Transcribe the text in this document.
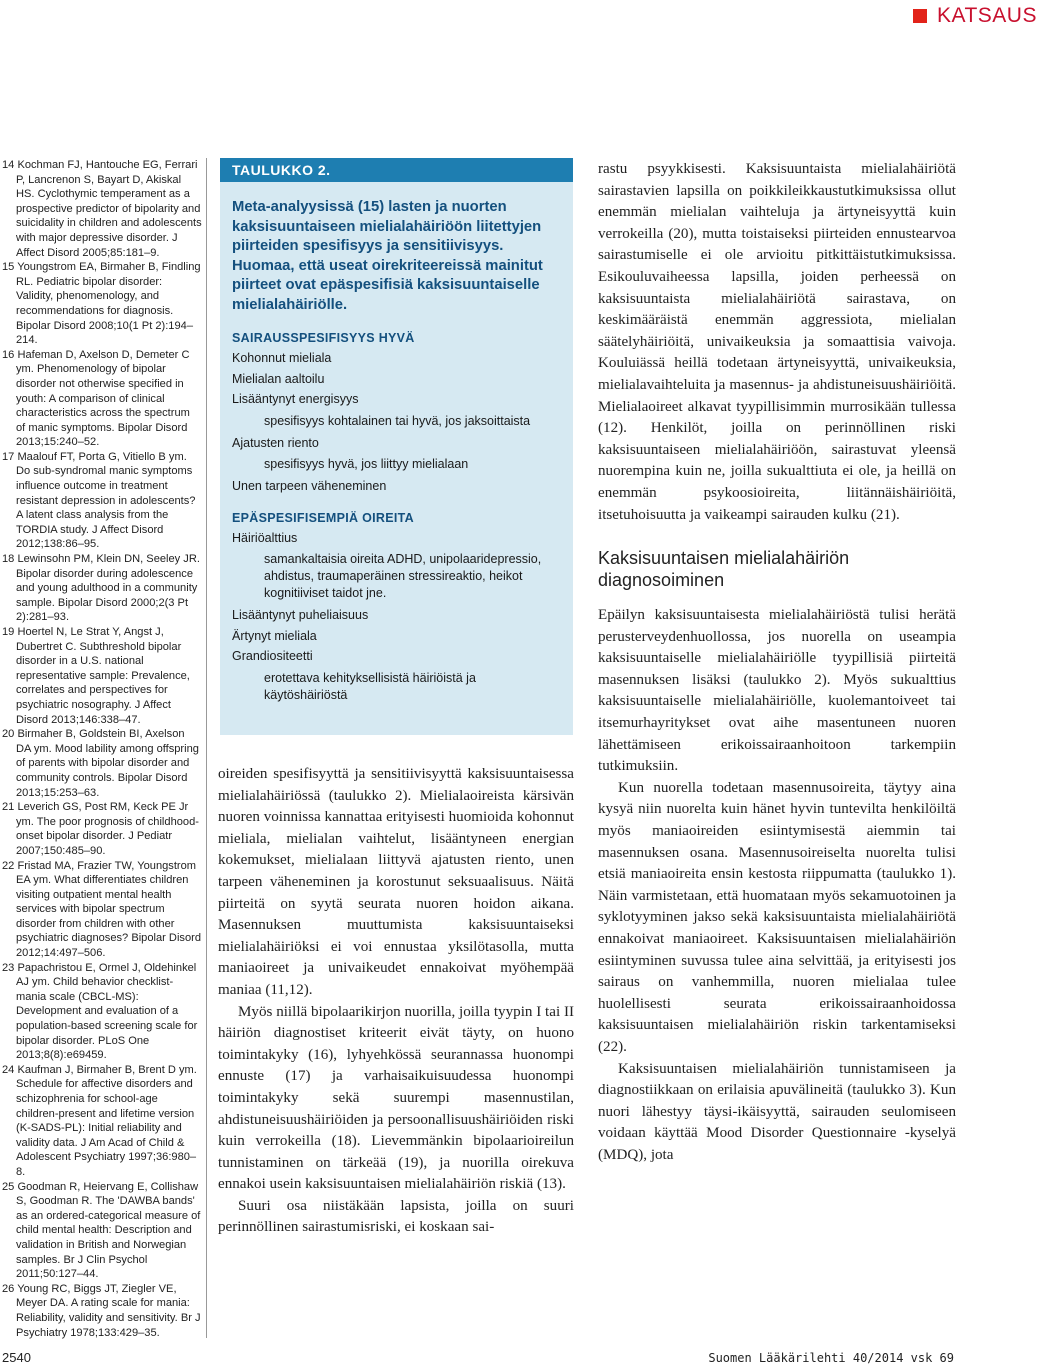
KATSAUS
14 Kochman FJ, Hantouche EG, Ferrari P, Lancrenon S, Bayart D, Akiskal HS. Cyclothymic temperament as a prospective predictor of bipolarity and suicidality in children and adolescents with major depressive disorder. J Affect Disord 2005;85:181–9.
15 Youngstrom EA, Birmaher B, Findling RL. Pediatric bipolar disorder: Validity, phenomenology, and recommendations for diagnosis. Bipolar Disord 2008;10(1 Pt 2):194–214.
16 Hafeman D, Axelson D, Demeter C ym. Phenomenology of bipolar disorder not otherwise specified in youth: A comparison of clinical characteristics across the spectrum of manic symptoms. Bipolar Disord 2013;15:240–52.
17 Maalouf FT, Porta G, Vitiello B ym. Do sub-syndromal manic symptoms influence outcome in treatment resistant depression in adolescents? A latent class analysis from the TORDIA study. J Affect Disord 2012;138:86–95.
18 Lewinsohn PM, Klein DN, Seeley JR. Bipolar disorder during adolescence and young adulthood in a community sample. Bipolar Disord 2000;2(3 Pt 2):281–93.
19 Hoertel N, Le Strat Y, Angst J, Dubertret C. Subthreshold bipolar disorder in a U.S. national representative sample: Prevalence, correlates and perspectives for psychiatric nosography. J Affect Disord 2013;146:338–47.
20 Birmaher B, Goldstein BI, Axelson DA ym. Mood lability among offspring of parents with bipolar disorder and community controls. Bipolar Disord 2013;15:253–63.
21 Leverich GS, Post RM, Keck PE Jr ym. The poor prognosis of childhood-onset bipolar disorder. J Pediatr 2007;150:485–90.
22 Fristad MA, Frazier TW, Youngstrom EA ym. What differentiates children visiting outpatient mental health services with bipolar spectrum disorder from children with other psychiatric diagnoses? Bipolar Disord 2012;14:497–506.
23 Papachristou E, Ormel J, Oldehinkel AJ ym. Child behavior checklist-mania scale (CBCL-MS): Development and evaluation of a population-based screening scale for bipolar disorder. PLoS One 2013;8(8):e69459.
24 Kaufman J, Birmaher B, Brent D ym. Schedule for affective disorders and schizophrenia for school-age children-present and lifetime version (K-SADS-PL): Initial reliability and validity data. J Am Acad of Child & Adolescent Psychiatry 1997;36:980–8.
25 Goodman R, Heiervang E, Collishaw S, Goodman R. The 'DAWBA bands' as an ordered-categorical measure of child mental health: Description and validation in British and Norwegian samples. Br J Clin Psychol 2011;50:127–44.
26 Young RC, Biggs JT, Ziegler VE, Meyer DA. A rating scale for mania: Reliability, validity and sensitivity. Br J Psychiatry 1978;133:429–35.
TAULUKKO 2.
Meta-analyysissä (15) lasten ja nuorten kaksisuuntaiseen mielialahäiriöön liitettyjen piirteiden spesifisyys ja sensitiivisyys.
Huomaa, että useat oirekriteereissä mainitut piirteet ovat epäspesifisiä kaksisuuntaiselle mielialahäiriölle.
SAIRAUSSPESIFISYYS HYVÄ
Kohonnut mieliala
Mielialan aaltoilu
Lisääntynyt energisyys
spesifisyys kohtalainen tai hyvä, jos jaksoittaista
Ajatusten riento
spesifisyys hyvä, jos liittyy mielialaan
Unen tarpeen väheneminen
EPÄSPESIFISEMPIÄ OIREITA
Häiriöalttius
samankaltaisia oireita ADHD, unipolaaridepressio, ahdistus, traumaperäinen stressireaktio, heikot kognitiiviset taidot jne.
Lisääntynyt puheliaisuus
Ärtynyt mieliala
Grandiositeetti
erotettava kehityksellisistä häiriöistä ja käytöshäiriöstä

oireiden spesifisyyttä ja sensitiivisyyttä kaksisuuntaisessa mielialahäiriössä (taulukko 2). Mielialaoireista kärsivän nuoren voinnissa kannattaa erityisesti huomioida kohonnut mieliala, mielialan vaihtelut, lisääntyneen energian kokemukset, mielialaan liittyvä ajatusten riento, unen tarpeen väheneminen ja korostunut seksuaalisuus. Näitä piirteitä on syytä seurata nuoren hoidon aikana. Masennuksen muuttumista kaksisuuntaiseksi mielialahäiriöksi ei voi ennustaa yksilötasolla, mutta maniaoireet ja univaikeudet ennakoivat myöhempää maniaa (11,12).

Myös niillä bipolaarikirjon nuorilla, joilla tyypin I tai II häiriön diagnostiset kriteerit eivät täyty, on huono toimintakyky (16), lyhyehkössä seurannassa huonompi ennuste (17) ja varhaisaikuisuudessa huonompi toimintakyky sekä suurempi masennustilan, ahdistuneisuushäiriöiden ja persoonallisuushäiriöiden riski kuin verrokeilla (18). Lievemmänkin bipolaarioireilun tunnistaminen on tärkeää (19), ja nuorilla oirekuva ennakoi usein kaksisuuntaisen mielialahäiriön riskiä (13).

Suuri osa niistäkään lapsista, joilla on suuri perinnöllinen sairastumisriski, ei koskaan sai-

rastu psyykkisesti. Kaksisuuntaista mielialahäiriötä sairastavien lapsilla on poikkileikkaustutkimuksissa ollut enemmän mielialan vaihteluja ja ärtyneisyyttä kuin verrokeilla (20), mutta toistaiseksi piirteiden ennustearvoa sairastumiselle ei ole arvioitu pitkittäistutkimuksissa. Esikouluvaiheessa lapsilla, joiden perheessä on kaksisuuntaista mielialahäiriötä sairastava, on keskimääräistä enemmän aggressiota, mielialan säätelyhäiriöitä, univaikeuksia ja somaattisia vaivoja. Kouluiässä heillä todetaan ärtyneisyyttä, univaikeuksia, mielialavaihteluita ja masennus- ja ahdistuneisuushäiriöitä. Mielialaoireet alkavat tyypillisimmin murrosikään tullessa (12). Henkilöt, joilla on perinnöllinen riski kaksisuuntaiseen mielialahäiriöön, sairastuvat yleensä nuorempina kuin ne, joilla sukualttiuta ei ole, ja heillä on enemmän psykoosioireita, liitännäishäiriöitä, itsetuhoisuutta ja vaikeampi sairauden kulku (21).

Kaksisuuntaisen mielialahäiriön diagnosoiminen

Epäilyn kaksisuuntaisesta mielialahäiriöstä tulisi herätä perusterveydenhuollossa, jos nuorella on useampia kaksisuuntaiselle mielialahäiriölle tyypillisiä piirteitä masennuksen lisäksi (taulukko 2). Myös sukualttius kaksisuuntaiselle mielialahäiriölle, kuolemantoiveet tai itsemurhayritykset ovat aihe masentuneen nuoren lähettämiseen erikoissairaanhoitoon tarkempiin tutkimuksiin.

Kun nuorella todetaan masennusoireita, täytyy aina kysyä niin nuorelta kuin hänet hyvin tuntevilta henkilöiltä myös maniaoireiden esiintymisestä aiemmin tai masennuksen osana. Masennusoireiselta nuorelta tulisi etsiä maniaoireita ensin kestosta riippumatta (taulukko 1). Näin varmistetaan, että huomataan myös sekamuotoinen ja syklotyyminen jakso sekä kaksisuuntaista mielialahäiriötä ennakoivat maniaoireet. Kaksisuuntaisen mielialahäiriön esiintyminen suvussa tulee aina selvittää, ja erityisesti jos sairaus on vanhemmilla, nuoren mielialaa tulee huolellisesti seurata erikoissairaanhoidossa kaksisuuntaisen mielialahäiriön riskin tarkentamiseksi (22).

Kaksisuuntaisen mielialahäiriön tunnistamiseen ja diagnostiikkaan on erilaisia apuvälineitä (taulukko 3). Kun nuori lähestyy täysi-ikäisyyttä, sairauden seulomiseen voidaan käyttää Mood Disorder Questionnaire -kyselyä (MDQ), jota

2540	Suomen Lääkärilehti 40/2014 vsk 69
